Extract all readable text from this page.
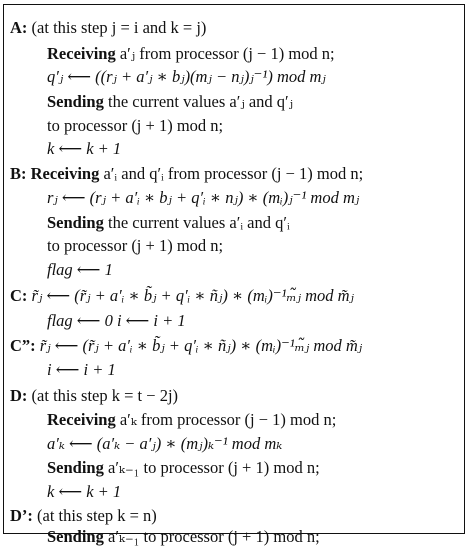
A: (at this step j = i and k = j)
Receiving a′ⱼ from processor (j − 1) mod n;
q′ⱼ ⟵ ((rⱼ + a′ⱼ ∗ bⱼ)(mⱼ − nⱼ)ⱼ⁻¹) mod mⱼ
Sending the current values a′ⱼ and q′ⱼ
to processor (j + 1) mod n;
k ⟵ k + 1
B: Receiving a′ᵢ and q′ᵢ from processor (j − 1) mod n;
rⱼ ⟵ (rⱼ + a′ᵢ ∗ bⱼ + q′ᵢ ∗ nⱼ) ∗ (mᵢ)ⱼ⁻¹ mod mⱼ
Sending the current values a′ᵢ and q′ᵢ
to processor (j + 1) mod n;
flag ⟵ 1
C: r̃ⱼ ⟵ (r̃ⱼ + a′ᵢ ∗ b̃ⱼ + q′ᵢ ∗ ñⱼ) ∗ (mᵢ)⁻¹ₘ̃ⱼ mod m̃ⱼ
flag ⟵ 0 i ⟵ i + 1
C”: r̃ⱼ ⟵ (r̃ⱼ + a′ᵢ ∗ b̃ⱼ + q′ᵢ ∗ ñⱼ) ∗ (mᵢ)⁻¹ₘ̃ⱼ mod m̃ⱼ
i ⟵ i + 1
D: (at this step k = t − 2j)
Receiving a′ₖ from processor (j − 1) mod n;
a′ₖ ⟵ (a′ₖ − a′ⱼ) ∗ (mⱼ)ₖ⁻¹ mod mₖ
Sending a′ₖ₋₁ to processor (j + 1) mod n;
k ⟵ k + 1
D’: (at this step k = n)
Sending a′ₖ₋₁ to processor (j + 1) mod n;
